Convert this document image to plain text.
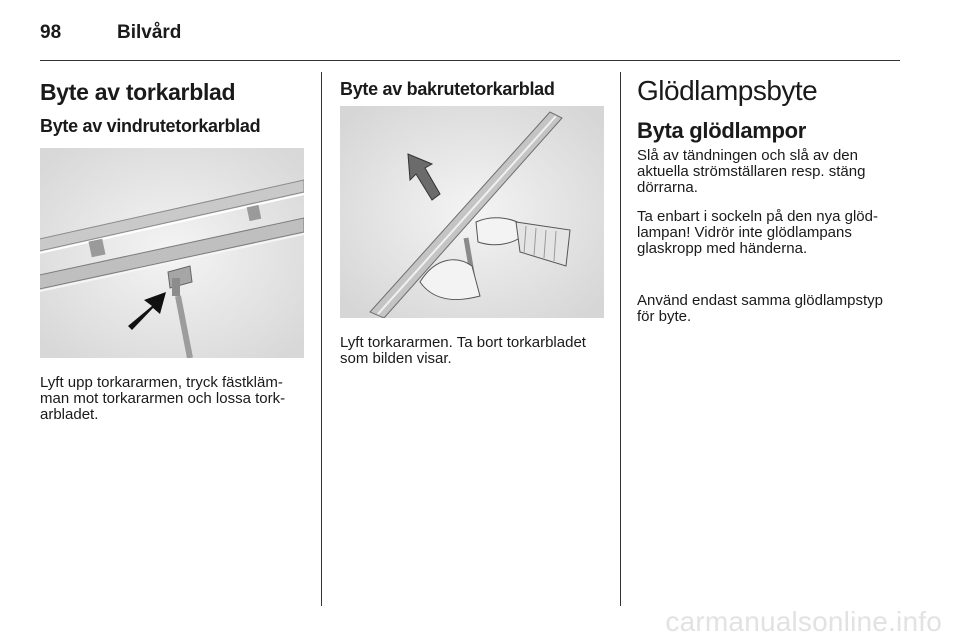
98	Bilvård
Byte av torkarblad
Byte av vindrutetorkarblad
Lyft upp torkararmen, tryck fästkläm- man mot torkararmen och lossa tork- arbladet.
Byte av bakrutetorkarblad
Lyft torkararmen. Ta bort torkarbladet som bilden visar.
Glödlampsbyte
Byta glödlampor
Slå av tändningen och slå av den aktuella strömställaren resp. stäng dörrarna.
Ta enbart i sockeln på den nya glöd- lampan! Vidrör inte glödlampans glaskropp med händerna.
Använd endast samma glödlampstyp för byte.
carmanualsonline.info
